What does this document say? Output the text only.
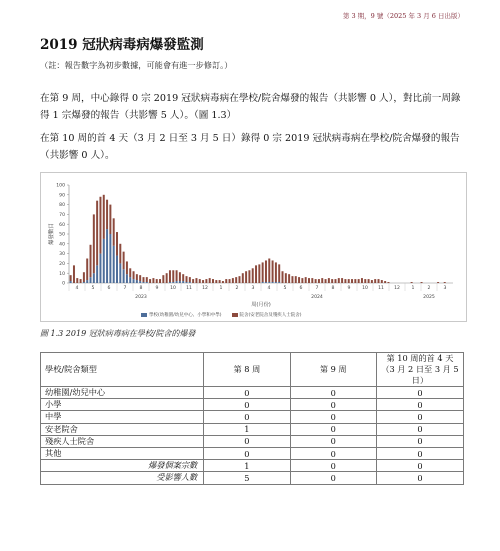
第 3 期，9 號（2025 年 3 月 6 日出版）
2019 冠狀病毒病爆發監測
（註：報告數字為初步數據，可能會有進一步修訂。）
在第 9 周，中心錄得 0 宗 2019 冠狀病毒病在學校/院舍爆發的報告（共影響 0 人），對比前一周錄得 1 宗爆發的報告（共影響 5 人）。（圖 1.3）
在第 10 周的首 4 天（3 月 2 日至 3 月 5 日）錄得 0 宗 2019 冠狀病毒病在學校/院舍爆發的報告（共影響 0 人）。
0
10
20
30
40
50
60
70
80
90
100
爆發數目
4	5	6	7	8	9	10 11 12	1	2	3	4	5	6	7	8	9	10 11 12	1	2	3
2023	2024	2025
周(月份)
學校(幼稚園/幼兒中心、小學和中學)	院舍(安老院舍及殘疾人士院舍)
圖 1.3 2019 冠狀病毒病在學校/院舍的爆發
學校/院舍類型	第 8 周	第 9 周	第 10 周的首 4 天
（3 月 2 日至 3 月 5 日）

幼稚園/幼兒中心	0	0	0
小學	0	0	0
中學	0	0	0
安老院舍	1	0	0
殘疾人士院舍	0	0	0
其他	0	0	0
爆發個案宗數	1	0	0
受影響人數	5	0	0
